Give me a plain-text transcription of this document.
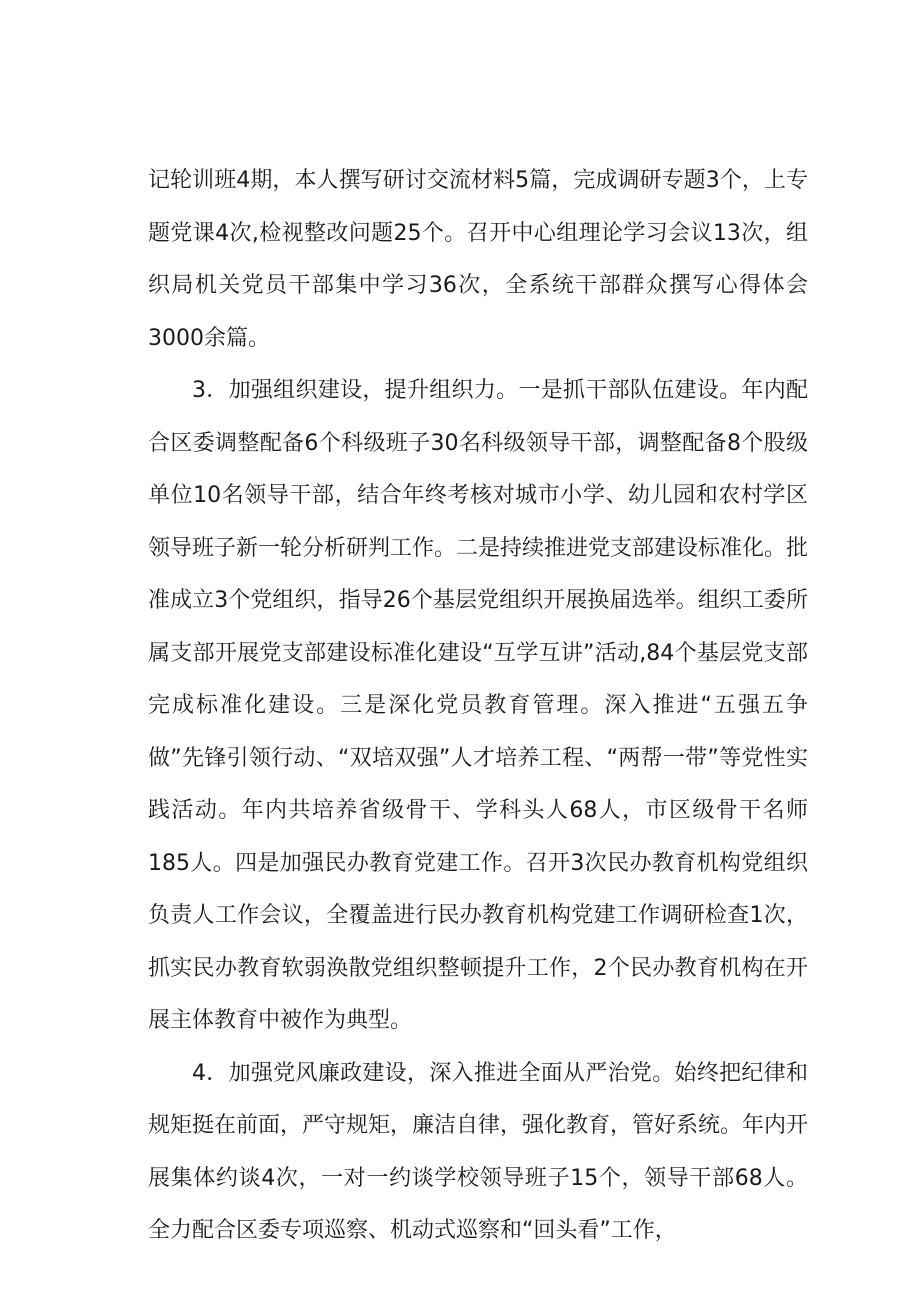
记轮训班4期，本人撰写研讨交流材料5篇，完成调研专题3个，上专题党课4次,检视整改问题25个。召开中心组理论学习会议13次，组织局机关党员干部集中学习36次，全系统干部群众撰写心得体会3000余篇。

3．加强组织建设，提升组织力。一是抓干部队伍建设。年内配合区委调整配备6个科级班子30名科级领导干部，调整配备8个股级单位10名领导干部，结合年终考核对城市小学、幼儿园和农村学区领导班子新一轮分析研判工作。二是持续推进党支部建设标准化。批准成立3个党组织，指导26个基层党组织开展换届选举。组织工委所属支部开展党支部建设标准化建设“互学互讲”活动,84个基层党支部完成标准化建设。三是深化党员教育管理。深入推进“五强五争做”先锋引领行动、“双培双强”人才培养工程、“两帮一带”等党性实践活动。年内共培养省级骨干、学科头人68人，市区级骨干名师185人。四是加强民办教育党建工作。召开3次民办教育机构党组织负责人工作会议，全覆盖进行民办教育机构党建工作调研检查1次，抓实民办教育软弱涣散党组织整顿提升工作，2个民办教育机构在开展主体教育中被作为典型。

4．加强党风廉政建设，深入推进全面从严治党。始终把纪律和规矩挺在前面，严守规矩，廉洁自律，强化教育，管好系统。年内开展集体约谈4次，一对一约谈学校领导班子15个，领导干部68人。全力配合区委专项巡察、机动式巡察和“回头看”工作，
